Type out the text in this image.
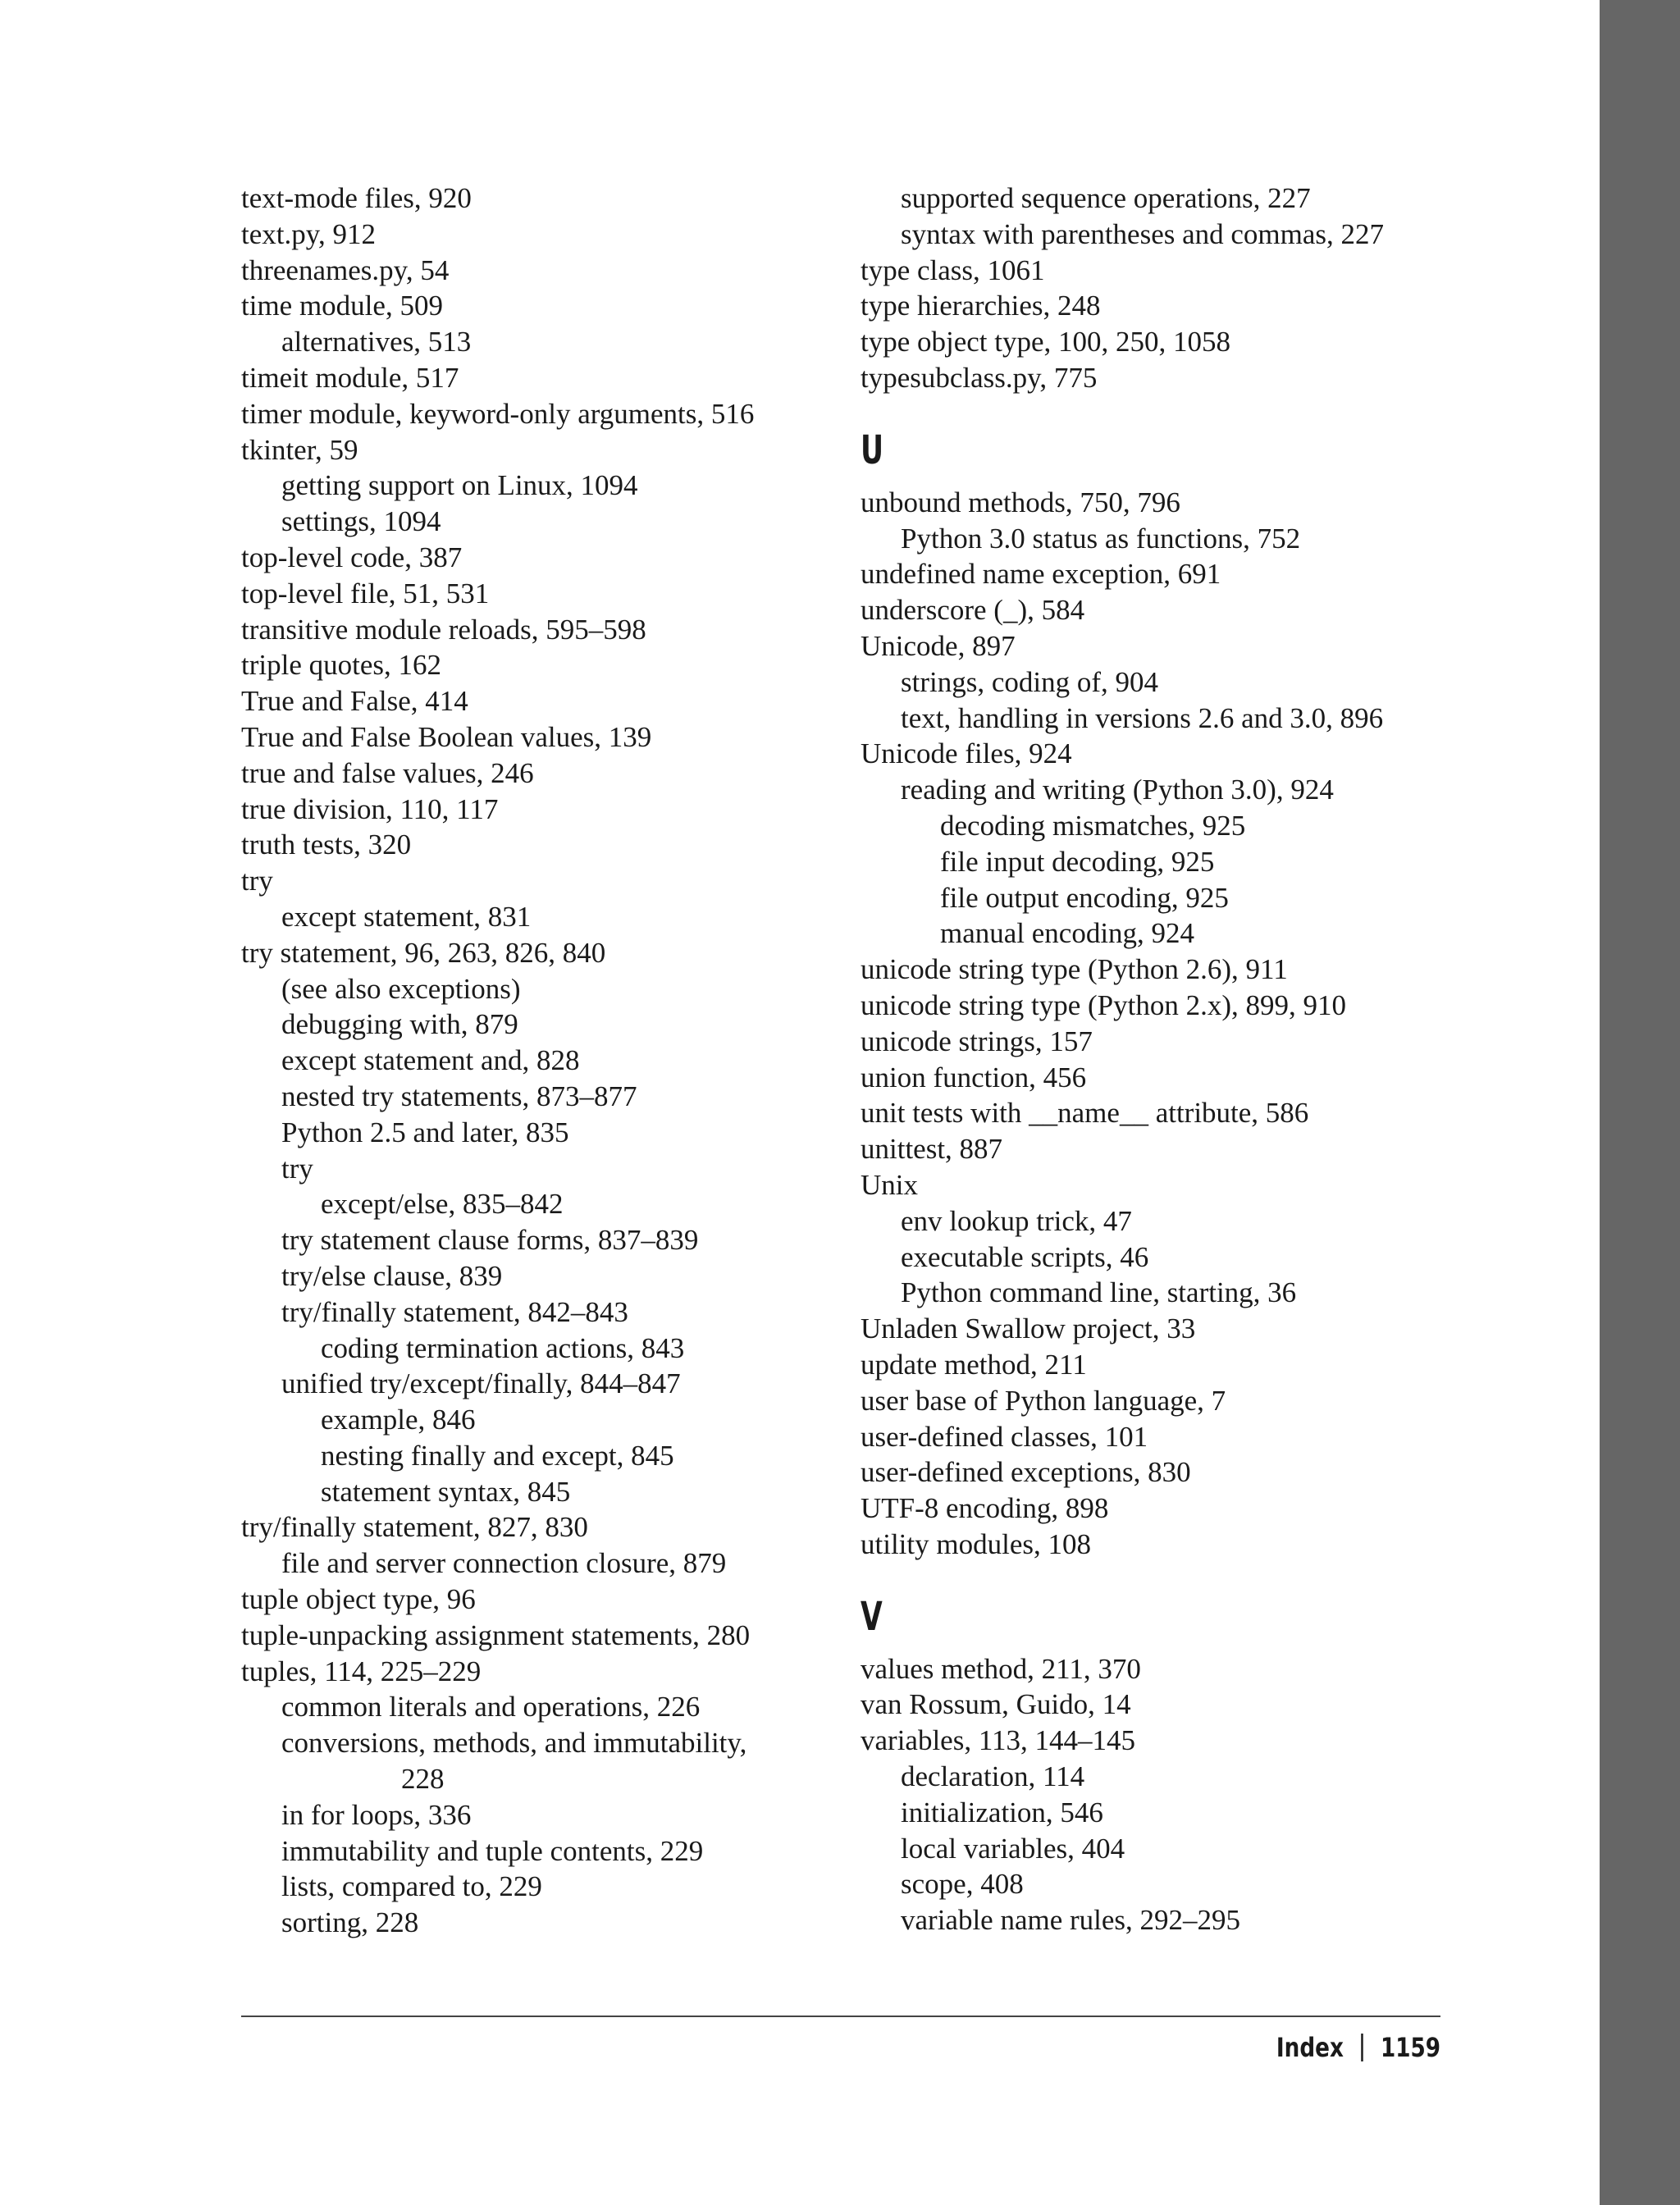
text-mode files, 920
text.py, 912
threenames.py, 54
time module, 509
alternatives, 513
timeit module, 517
timer module, keyword-only arguments, 516
tkinter, 59
getting support on Linux, 1094
settings, 1094
top-level code, 387
top-level file, 51, 531
transitive module reloads, 595–598
triple quotes, 162
True and False, 414
True and False Boolean values, 139
true and false values, 246
true division, 110, 117
truth tests, 320
try
except statement, 831
try statement, 96, 263, 826, 840
(see also exceptions)
debugging with, 879
except statement and, 828
nested try statements, 873–877
Python 2.5 and later, 835
try
except/else, 835–842
try statement clause forms, 837–839
try/else clause, 839
try/finally statement, 842–843
coding termination actions, 843
unified try/except/finally, 844–847
example, 846
nesting finally and except, 845
statement syntax, 845
try/finally statement, 827, 830
file and server connection closure, 879
tuple object type, 96
tuple-unpacking assignment statements, 280
tuples, 114, 225–229
common literals and operations, 226
conversions, methods, and immutability,
228
in for loops, 336
immutability and tuple contents, 229
lists, compared to, 229
sorting, 228
supported sequence operations, 227
syntax with parentheses and commas, 227
type class, 1061
type hierarchies, 248
type object type, 100, 250, 1058
typesubclass.py, 775
U
unbound methods, 750, 796
Python 3.0 status as functions, 752
undefined name exception, 691
underscore (_), 584
Unicode, 897
strings, coding of, 904
text, handling in versions 2.6 and 3.0, 896
Unicode files, 924
reading and writing (Python 3.0), 924
decoding mismatches, 925
file input decoding, 925
file output encoding, 925
manual encoding, 924
unicode string type (Python 2.6), 911
unicode string type (Python 2.x), 899, 910
unicode strings, 157
union function, 456
unit tests with __name__ attribute, 586
unittest, 887
Unix
env lookup trick, 47
executable scripts, 46
Python command line, starting, 36
Unladen Swallow project, 33
update method, 211
user base of Python language, 7
user-defined classes, 101
user-defined exceptions, 830
UTF-8 encoding, 898
utility modules, 108
V
values method, 211, 370
van Rossum, Guido, 14
variables, 113, 144–145
declaration, 114
initialization, 546
local variables, 404
scope, 408
variable name rules, 292–295
Index 1159
